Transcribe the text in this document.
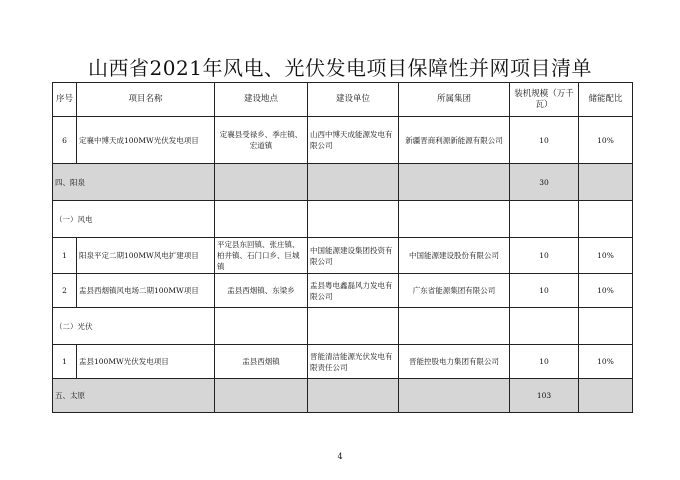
山西省2021年风电、光伏发电项目保障性并网项目清单
序号	项目名称	建设地点	建设单位	所属集团	装机规模（万千瓦）	储能配比
6	定襄中博天成100MW光伏发电项目	定襄县受禄乡、季庄镇、宏道镇	山西中博天成能源发电有限公司	新疆晋商利源新能源有限公司	10	10%
四、阳泉					30	
（一）风电						
1	阳泉平定二期100MW风电扩建项目	平定县东回镇、张庄镇、柏井镇、石门口乡、巨城镇	中国能源建设集团投资有限公司	中国能源建设股份有限公司	10	10%
2	盂县西烟镇风电场二期100MW项目	盂县西烟镇、东梁乡	盂县粤电鑫磊风力发电有限公司	广东省能源集团有限公司	10	10%
（二）光伏						
1	盂县100MW光伏发电项目	盂县西烟镇	晋能清洁能源光伏发电有限责任公司	晋能控股电力集团有限公司	10	10%
五、太原					103	
4
